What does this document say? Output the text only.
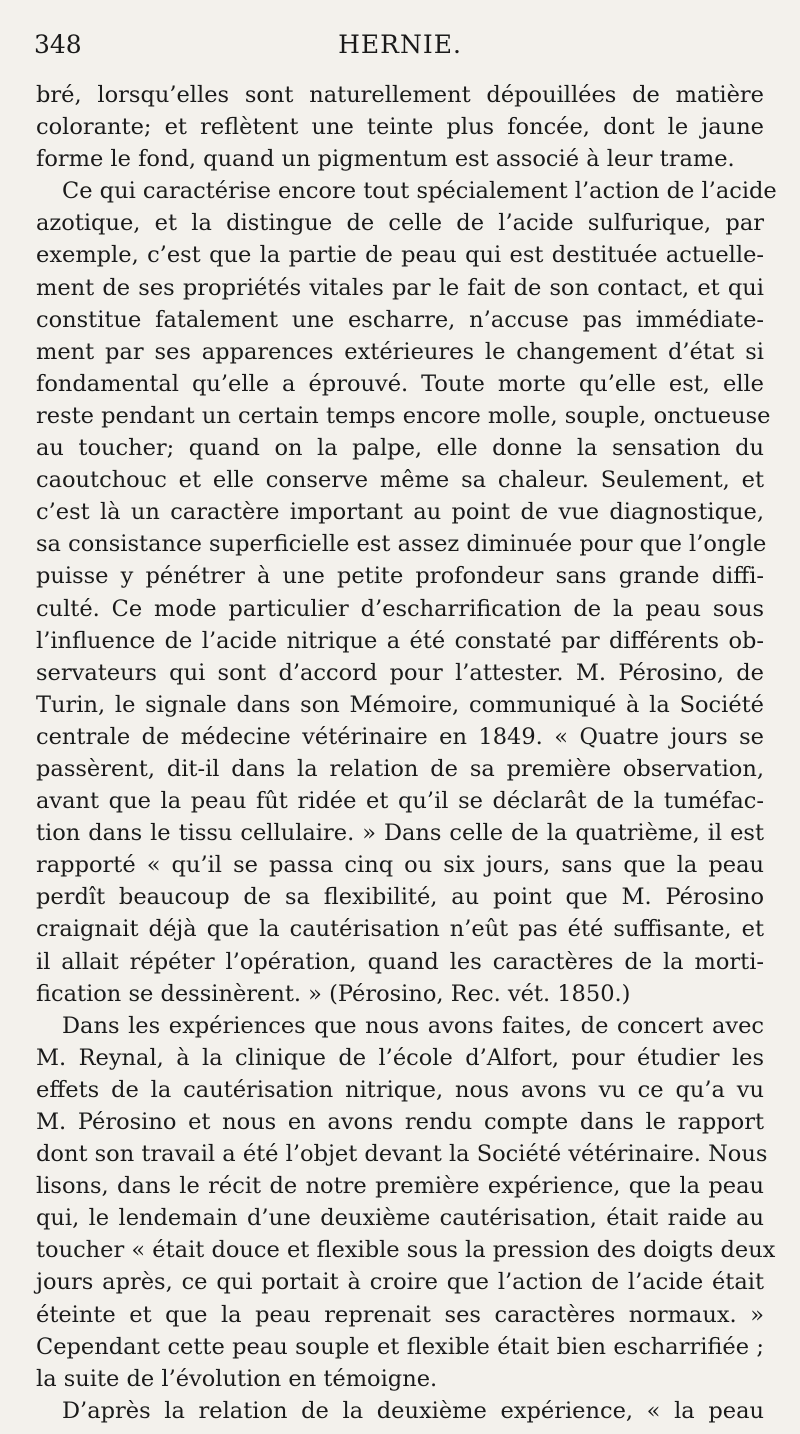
348	HERNIE.
bré, lorsqu’elles sont naturellement dépouillées de matière
colorante; et reflètent une teinte plus foncée, dont le jaune
forme le fond, quand un pigmentum est associé à leur trame.
Ce qui caractérise encore tout spécialement l’action de l’acide
azotique, et la distingue de celle de l’acide sulfurique, par
exemple, c’est que la partie de peau qui est destituée actuelle-
ment de ses propriétés vitales par le fait de son contact, et qui
constitue fatalement une escharre, n’accuse pas immédiate-
ment par ses apparences extérieures le changement d’état si
fondamental qu’elle a éprouvé. Toute morte qu’elle est, elle
reste pendant un certain temps encore molle, souple, onctueuse
au toucher; quand on la palpe, elle donne la sensation du
caoutchouc et elle conserve même sa chaleur. Seulement, et
c’est là un caractère important au point de vue diagnostique,
sa consistance superficielle est assez diminuée pour que l’ongle
puisse y pénétrer à une petite profondeur sans grande diffi-
culté. Ce mode particulier d’escharrification de la peau sous
l’influence de l’acide nitrique a été constaté par différents ob-
servateurs qui sont d’accord pour l’attester. M. Pérosino, de
Turin, le signale dans son Mémoire, communiqué à la Société
centrale de médecine vétérinaire en 1849. « Quatre jours se
passèrent, dit-il dans la relation de sa première observation,
avant que la peau fût ridée et qu’il se déclarât de la tuméfac-
tion dans le tissu cellulaire. » Dans celle de la quatrième, il est
rapporté « qu’il se passa cinq ou six jours, sans que la peau
perdît beaucoup de sa flexibilité, au point que M. Pérosino
craignait déjà que la cautérisation n’eût pas été suffisante, et
il allait répéter l’opération, quand les caractères de la morti-
fication se dessinèrent. » (Pérosino, Rec. vét. 1850.)
Dans les expériences que nous avons faites, de concert avec
M. Reynal, à la clinique de l’école d’Alfort, pour étudier les
effets de la cautérisation nitrique, nous avons vu ce qu’a vu
M. Pérosino et nous en avons rendu compte dans le rapport
dont son travail a été l’objet devant la Société vétérinaire. Nous
lisons, dans le récit de notre première expérience, que la peau
qui, le lendemain d’une deuxième cautérisation, était raide au
toucher « était douce et flexible sous la pression des doigts deux
jours après, ce qui portait à croire que l’action de l’acide était
éteinte et que la peau reprenait ses caractères normaux. »
Cependant cette peau souple et flexible était bien escharrifiée ;
la suite de l’évolution en témoigne.
D’après la relation de la deuxième expérience, « la peau
